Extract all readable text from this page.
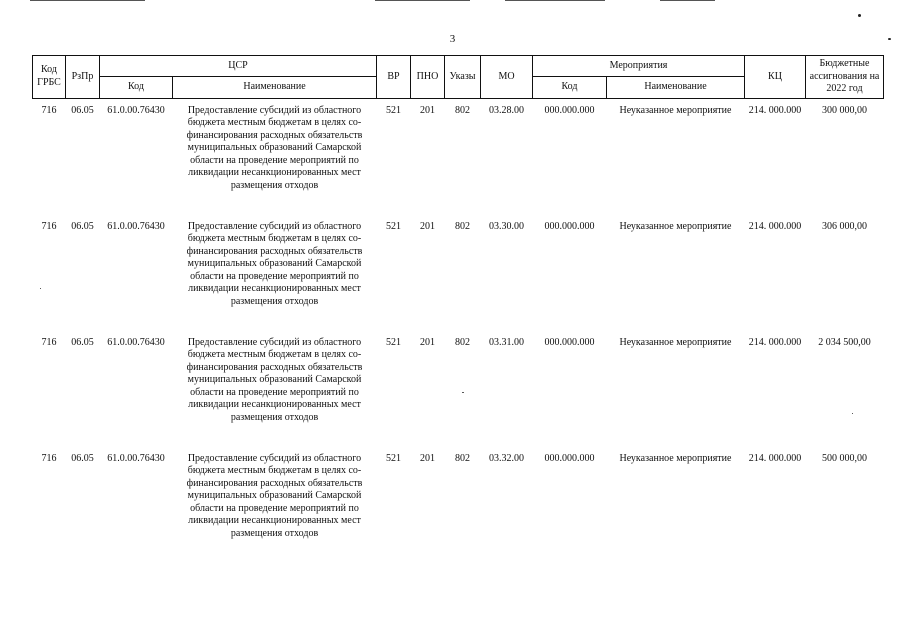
3
Код ГРБС	РзПр	ЦСР		ВР	ПНО	Указы	МО	Мероприятия		КЦ	Бюджетные ассигнования на 2022 год
		Код	Наименование					Код	Наименование		
716	06.05	61.0.00.76430	Предоставление субсидий из областного бюджета местным бюджетам в целях со-финансирования расходных обязательств муниципальных образований Самарской области на проведение мероприятий по ликвидации несанкционированных мест размещения отходов	521	201	802	03.28.00	000.000.000	Неуказанное мероприятие	214. 000.000	300 000,00
716	06.05	61.0.00.76430	Предоставление субсидий из областного бюджета местным бюджетам в целях со-финансирования расходных обязательств муниципальных образований Самарской области на проведение мероприятий по ликвидации несанкционированных мест размещения отходов	521	201	802	03.30.00	000.000.000	Неуказанное мероприятие	214. 000.000	306 000,00
716	06.05	61.0.00.76430	Предоставление субсидий из областного бюджета местным бюджетам в целях со-финансирования расходных обязательств муниципальных образований Самарской области на проведение мероприятий по ликвидации несанкционированных мест размещения отходов	521	201	802	03.31.00	000.000.000	Неуказанное мероприятие	214. 000.000	2 034 500,00
716	06.05	61.0.00.76430	Предоставление субсидий из областного бюджета местным бюджетам в целях со-финансирования расходных обязательств муниципальных образований Самарской области на проведение мероприятий по ликвидации несанкционированных мест размещения отходов	521	201	802	03.32.00	000.000.000	Неуказанное мероприятие	214. 000.000	500 000,00
